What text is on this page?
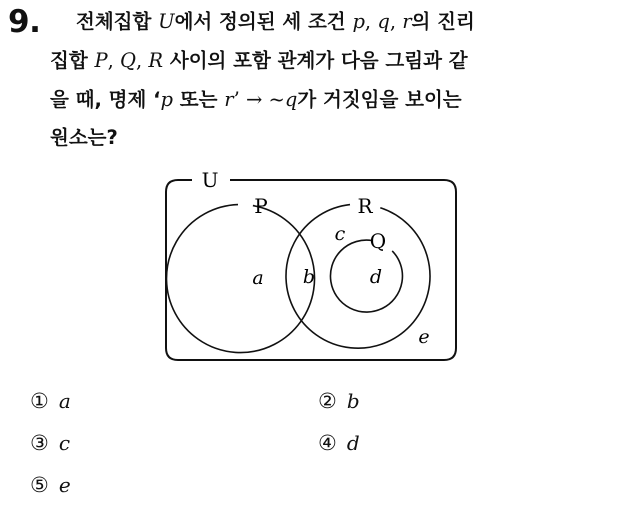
9. 전체집합 U에서 정의된 세 조건 p, q, r의 진리
집합 P, Q, R 사이의 포함 관계가 다음 그림과 같
을 때, 명제 ‘p 또는 r’ → ~q가 거짓임을 보이는
원소는?
U
P	R
Q
a b
c
d
e
① a	② b
③ c	④ d
⑤ e
